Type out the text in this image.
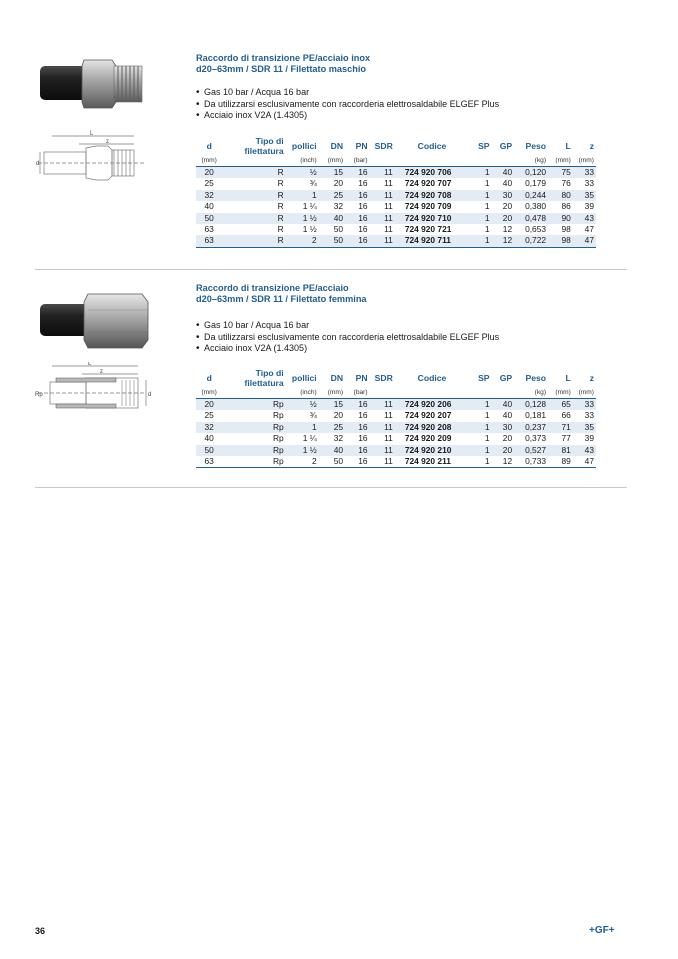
L
z
d
Raccordo di transizione PE/acciaio inox
d20–63mm / SDR 11 / Filettato maschio
• Gas 10 bar / Acqua 16 bar
• Da utilizzarsi esclusivamente con raccorderia elettrosaldabile ELGEF Plus
• Acciaio inox V2A (1.4305)
d	Tipo di filettatura	pollici	DN	PN	SDR	Codice	SP	GP	Peso	L	z
(mm)		(inch)	(mm)	(bar)					(kg)	(mm)	(mm)
20	R	½	15	16	11	724 920 706	1	40	0,120	75	33
25	R	¾	20	16	11	724 920 707	1	40	0,179	76	33
32	R	1	25	16	11	724 920 708	1	30	0,244	80	35
40	R	1 ¼	32	16	11	724 920 709	1	20	0,380	86	39
50	R	1 ½	40	16	11	724 920 710	1	20	0,478	90	43
63	R	1 ½	50	16	11	724 920 721	1	12	0,653	98	47
63	R	2	50	16	11	724 920 711	1	12	0,722	98	47
L
z
Rp	d
Raccordo di transizione PE/acciaio
d20–63mm / SDR 11 / Filettato femmina
• Gas 10 bar / Acqua 16 bar
• Da utilizzarsi esclusivamente con raccorderia elettrosaldabile ELGEF Plus
• Acciaio inox V2A (1.4305)
d	Tipo di filettatura	pollici	DN	PN	SDR	Codice	SP	GP	Peso	L	z
(mm)		(inch)	(mm)	(bar)					(kg)	(mm)	(mm)
20	Rp	½	15	16	11	724 920 206	1	40	0,128	65	33
25	Rp	¾	20	16	11	724 920 207	1	40	0,181	66	33
32	Rp	1	25	16	11	724 920 208	1	30	0,237	71	35
40	Rp	1 ¼	32	16	11	724 920 209	1	20	0,373	77	39
50	Rp	1 ½	40	16	11	724 920 210	1	20	0,527	81	43
63	Rp	2	50	16	11	724 920 211	1	12	0,733	89	47
36	+GF+
